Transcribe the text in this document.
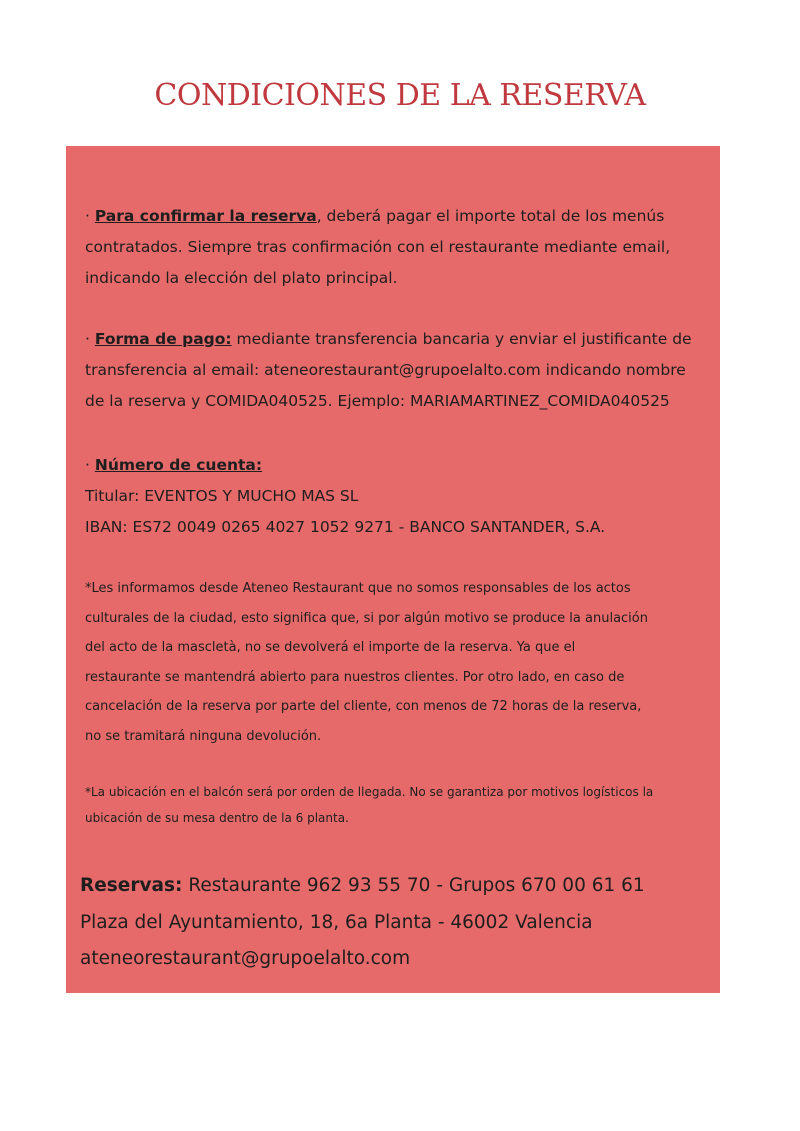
CONDICIONES DE LA RESERVA

· Para confirmar la reserva, deberá pagar el importe total de los menús
contratados. Siempre tras confirmación con el restaurante mediante email,
indicando la elección del plato principal.

· Forma de pago: mediante transferencia bancaria y enviar el justificante de
transferencia al email: ateneorestaurant@grupoelalto.com indicando nombre
de la reserva y COMIDA040525. Ejemplo: MARIAMARTINEZ_COMIDA040525

· Número de cuenta:
Titular: EVENTOS Y MUCHO MAS SL
IBAN: ES72 0049 0265 4027 1052 9271 - BANCO SANTANDER, S.A.

*Les informamos desde Ateneo Restaurant que no somos responsables de los actos
culturales de la ciudad, esto significa que, si por algún motivo se produce la anulación
del acto de la mascletà, no se devolverá el importe de la reserva. Ya que el
restaurante se mantendrá abierto para nuestros clientes. Por otro lado, en caso de
cancelación de la reserva por parte del cliente, con menos de 72 horas de la reserva,
no se tramitará ninguna devolución.

*La ubicación en el balcón será por orden de llegada. No se garantiza por motivos logísticos la
ubicación de su mesa dentro de la 6 planta.

Reservas: Restaurante 962 93 55 70 - Grupos 670 00 61 61
Plaza del Ayuntamiento, 18, 6a Planta - 46002 Valencia
ateneorestaurant@grupoelalto.com
